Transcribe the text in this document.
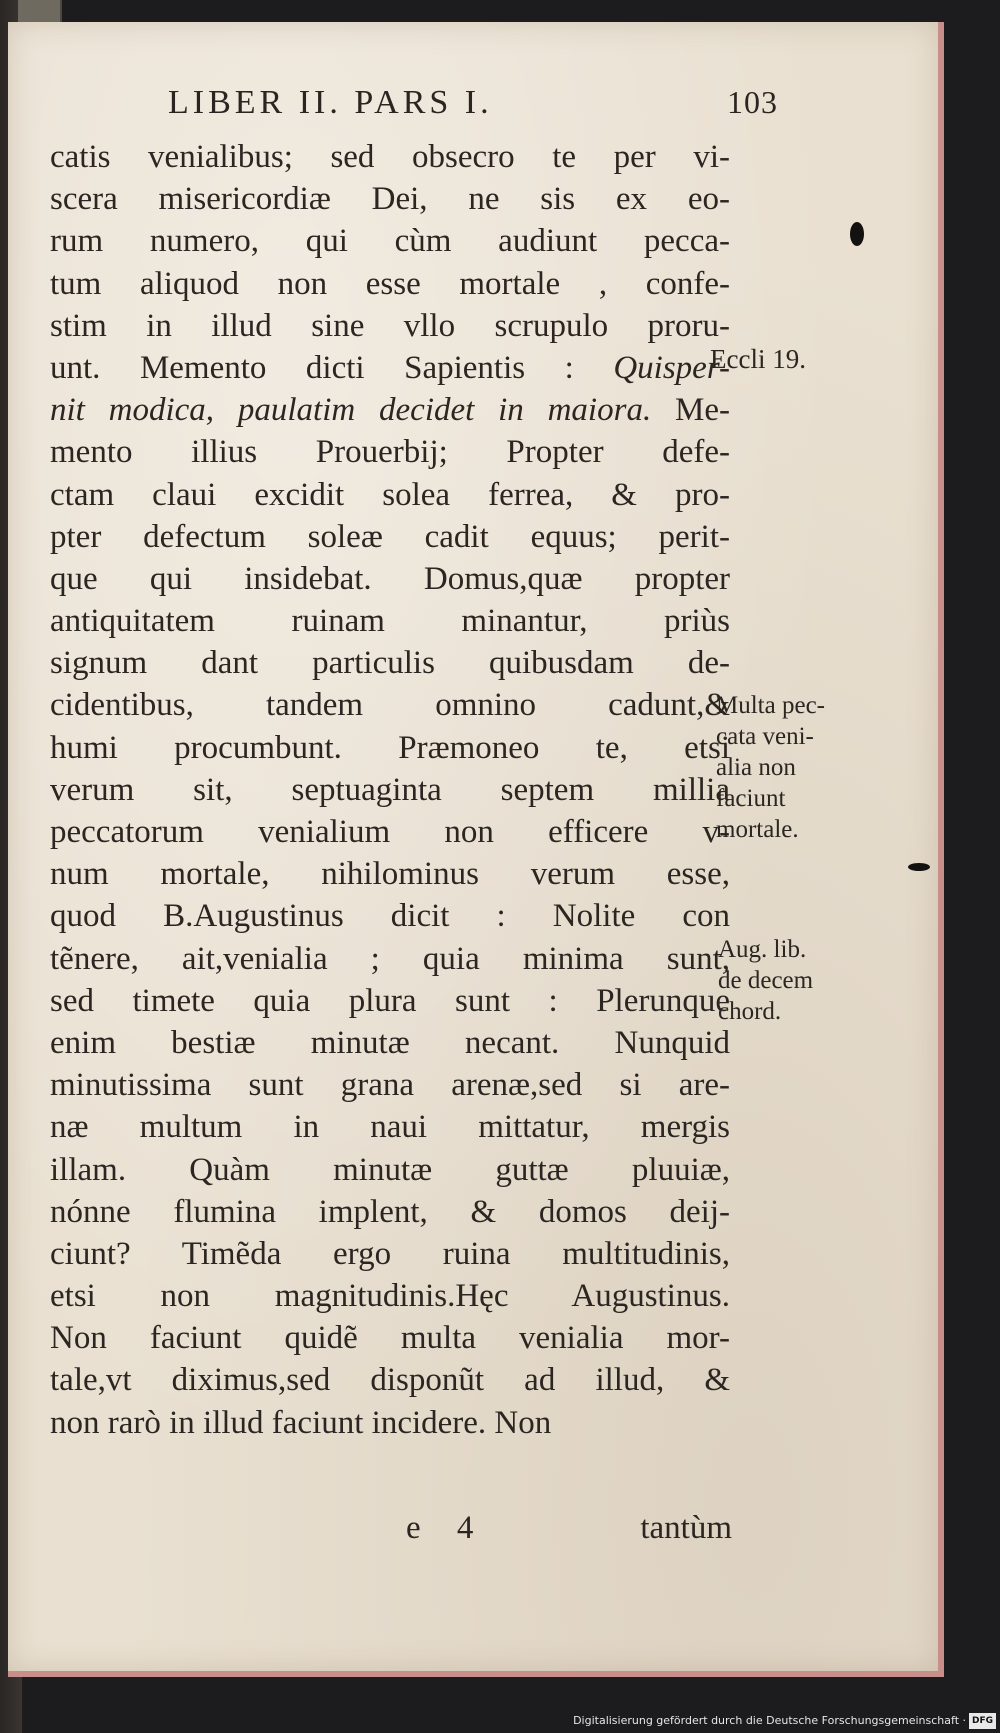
LIBER II. PARS I.	103
catis venialibus; sed obsecro te per vi-
scera misericordiæ Dei, ne sis ex eo-
rum numero, qui cùm audiunt pecca-
tum aliquod non esse mortale , confe-
stim in illud sine vllo scrupulo proru-
unt. Memento dicti Sapientis : Quisper-
nit modica, paulatim decidet in maiora. Me-
mento illius Prouerbij; Propter defe-
ctam claui excidit solea ferrea, & pro-
pter defectum soleæ cadit equus; perit-
que qui insidebat. Domus,quæ propter
antiquitatem ruinam minantur, priùs
signum dant particulis quibusdam de-
cidentibus, tandem omnino cadunt,&
humi procumbunt. Præmoneo te, etsi
verum sit, septuaginta septem millia
peccatorum venialium non efficere v-
num mortale, nihilominus verum esse,
quod B.Augustinus dicit : Nolite con
tẽnere, ait,venialia ; quia minima sunt,
sed timete quia plura sunt : Plerunque
enim bestiæ minutæ necant. Nunquid
minutissima sunt grana arenæ,sed si are-
næ multum in naui mittatur, mergis
illam. Quàm minutæ guttæ pluuiæ,
nónne flumina implent, & domos deij-
ciunt? Timẽda ergo ruina multitudinis,
etsi non magnitudinis.Hęc Augustinus.
Non faciunt quidẽ multa venialia mor-
tale,vt diximus,sed disponũt ad illud, &
non rarò in illud faciunt incidere. Non
e 4	tantùm
Eccli 19.
Multa pec-
cata veni-
alia non
faciunt
mortale.
Aug. lib.
de decem
chord.
Digitalisierung gefördert durch die Deutsche Forschungsgemeinschaft · DFG
